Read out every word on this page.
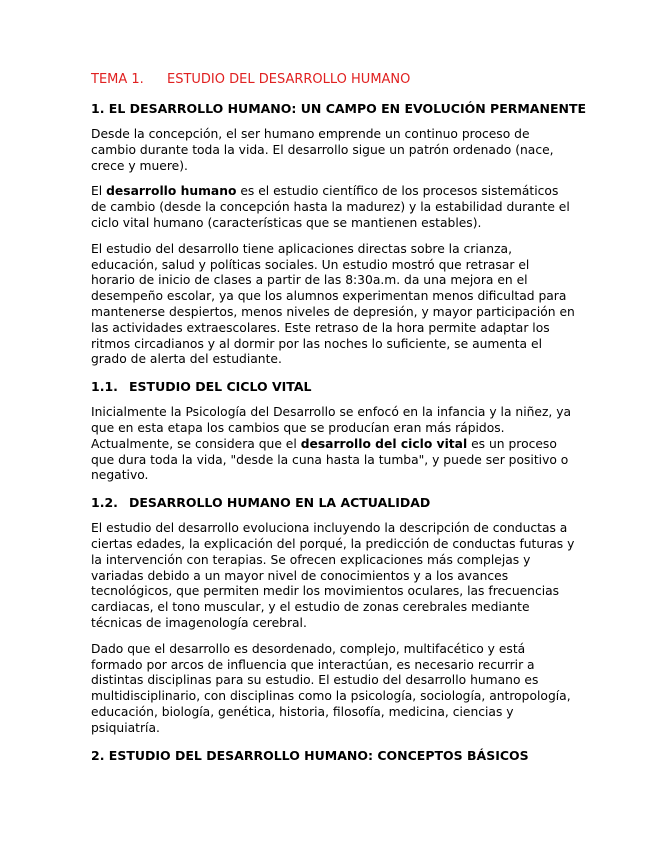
TEMA 1. ESTUDIO DEL DESARROLLO HUMANO
1. EL DESARROLLO HUMANO: UN CAMPO EN EVOLUCIÓN PERMANENTE

Desde la concepción, el ser humano emprende un continuo proceso de cambio durante toda la vida. El desarrollo sigue un patrón ordenado (nace, crece y muere).

El desarrollo humano es el estudio científico de los procesos sistemáticos de cambio (desde la concepción hasta la madurez) y la estabilidad durante el ciclo vital humano (características que se mantienen estables).

El estudio del desarrollo tiene aplicaciones directas sobre la crianza, educación, salud y políticas sociales. Un estudio mostró que retrasar el horario de inicio de clases a partir de las 8:30a.m. da una mejora en el desempeño escolar, ya que los alumnos experimentan menos dificultad para mantenerse despiertos, menos niveles de depresión, y mayor participación en las actividades extraescolares. Este retraso de la hora permite adaptar los ritmos circadianos y al dormir por las noches lo suficiente, se aumenta el grado de alerta del estudiante.

1.1. ESTUDIO DEL CICLO VITAL

Inicialmente la Psicología del Desarrollo se enfocó en la infancia y la niñez, ya que en esta etapa los cambios que se producían eran más rápidos. Actualmente, se considera que el desarrollo del ciclo vital es un proceso que dura toda la vida, "desde la cuna hasta la tumba", y puede ser positivo o negativo.

1.2. DESARROLLO HUMANO EN LA ACTUALIDAD

El estudio del desarrollo evoluciona incluyendo la descripción de conductas a ciertas edades, la explicación del porqué, la predicción de conductas futuras y la intervención con terapias. Se ofrecen explicaciones más complejas y variadas debido a un mayor nivel de conocimientos y a los avances tecnológicos, que permiten medir los movimientos oculares, las frecuencias cardiacas, el tono muscular, y el estudio de zonas cerebrales mediante técnicas de imagenología cerebral.

Dado que el desarrollo es desordenado, complejo, multifacético y está formado por arcos de influencia que interactúan, es necesario recurrir a distintas disciplinas para su estudio. El estudio del desarrollo humano es multidisciplinario, con disciplinas como la psicología, sociología, antropología, educación, biología, genética, historia, filosofía, medicina, ciencias y psiquiatría.

2. ESTUDIO DEL DESARROLLO HUMANO: CONCEPTOS BÁSICOS
